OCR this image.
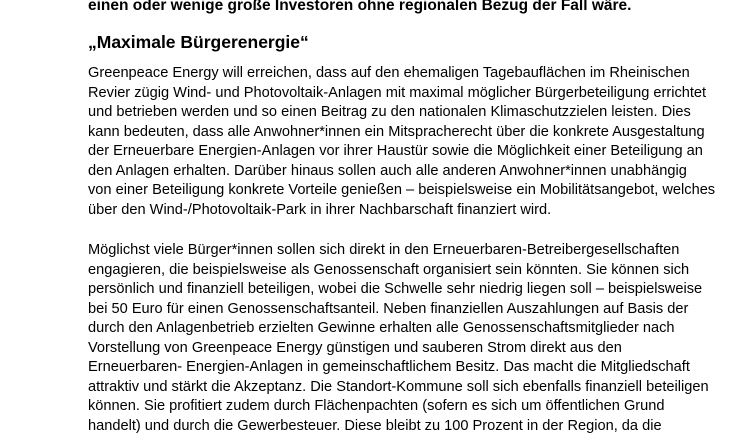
einen oder wenige große Investoren ohne regionalen Bezug der Fall wäre.

„Maximale Bürgerenergie“
Greenpeace Energy will erreichen, dass auf den ehemaligen Tagebauflächen im Rheinischen
Revier zügig Wind- und Photovoltaik-Anlagen mit maximal möglicher Bürgerbeteiligung errichtet
und betrieben werden und so einen Beitrag zu den nationalen Klimaschutzzielen leisten. Dies
kann bedeuten, dass alle Anwohner*innen ein Mitspracherecht über die konkrete Ausgestaltung
der Erneuerbare Energien-Anlagen vor ihrer Haustür sowie die Möglichkeit einer Beteiligung an
den Anlagen erhalten. Darüber hinaus sollen auch alle anderen Anwohner*innen unabhängig
von einer Beteiligung konkrete Vorteile genießen – beispielsweise ein Mobilitätsangebot, welches
über den Wind-/Photovoltaik-Park in ihrer Nachbarschaft finanziert wird.
Möglichst viele Bürger*innen sollen sich direkt in den Erneuerbaren-Betreibergesellschaften
engagieren, die beispielsweise als Genossenschaft organisiert sein könnten. Sie können sich
persönlich und finanziell beteiligen, wobei die Schwelle sehr niedrig liegen soll – beispielsweise
bei 50 Euro für einen Genossenschaftsanteil. Neben finanziellen Auszahlungen auf Basis der
durch den Anlagenbetrieb erzielten Gewinne erhalten alle Genossenschaftsmitglieder nach
Vorstellung von Greenpeace Energy günstigen und sauberen Strom direkt aus den
Erneuerbaren- Energien-Anlagen in gemeinschaftlichem Besitz. Das macht die Mitgliedschaft
attraktiv und stärkt die Akzeptanz. Die Standort-Kommune soll sich ebenfalls finanziell beteiligen
können. Sie profitiert zudem durch Flächenpachten (sofern es sich um öffentlichen Grund
handelt) und durch die Gewerbesteuer. Diese bleibt zu 100 Prozent in der Region, da die
